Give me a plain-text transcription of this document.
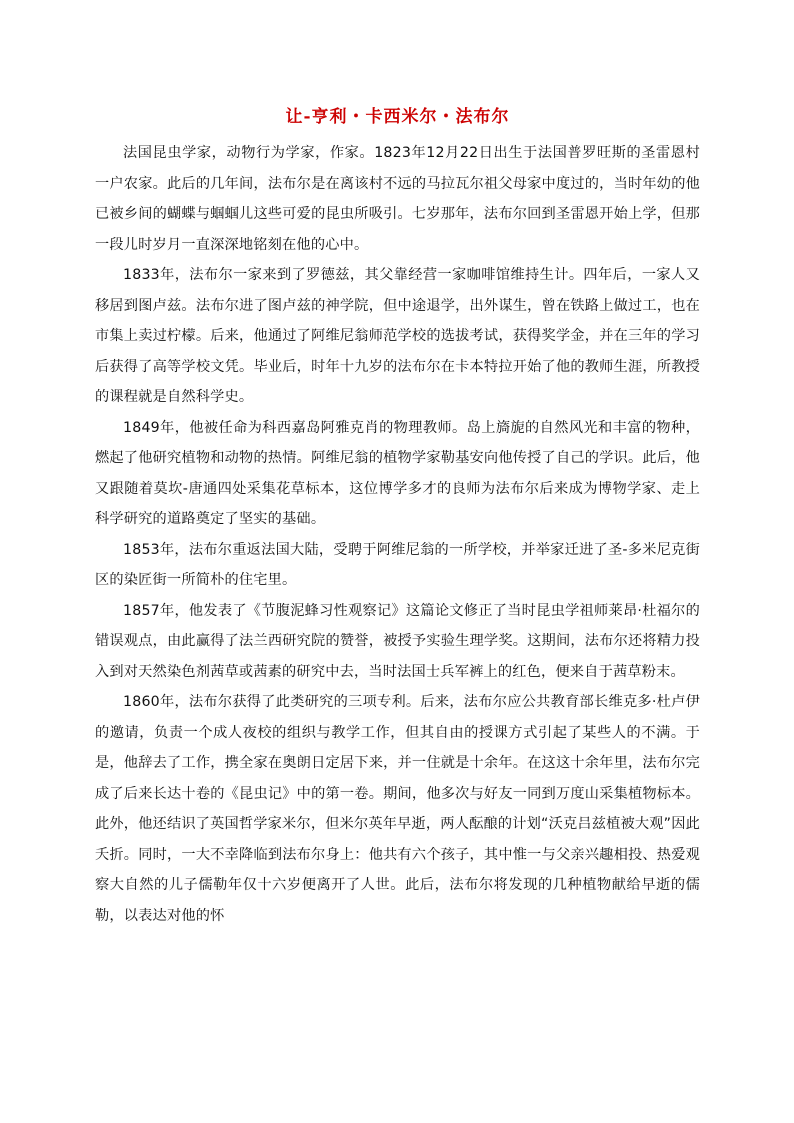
让-亨利・卡西米尔・法布尔

法国昆虫学家，动物行为学家，作家。1823年12月22日出生于法国普罗旺斯的圣雷恩村一户农家。此后的几年间，法布尔是在离该村不远的马拉瓦尔祖父母家中度过的，当时年幼的他已被乡间的蝴蝶与蝈蝈儿这些可爱的昆虫所吸引。七岁那年，法布尔回到圣雷恩开始上学，但那一段儿时岁月一直深深地铭刻在他的心中。

1833年，法布尔一家来到了罗德兹，其父靠经营一家咖啡馆维持生计。四年后，一家人又移居到图卢兹。法布尔进了图卢兹的神学院，但中途退学，出外谋生，曾在铁路上做过工，也在市集上卖过柠檬。后来，他通过了阿维尼翁师范学校的选拔考试，获得奖学金，并在三年的学习后获得了高等学校文凭。毕业后，时年十九岁的法布尔在卡本特拉开始了他的教师生涯，所教授的课程就是自然科学史。

1849年，他被任命为科西嘉岛阿雅克肖的物理教师。岛上旖旎的自然风光和丰富的物种，燃起了他研究植物和动物的热情。阿维尼翁的植物学家勒基安向他传授了自己的学识。此后，他又跟随着莫坎-唐通四处采集花草标本，这位博学多才的良师为法布尔后来成为博物学家、走上科学研究的道路奠定了坚实的基础。

1853年，法布尔重返法国大陆，受聘于阿维尼翁的一所学校，并举家迁进了圣-多米尼克街区的染匠街一所简朴的住宅里。

1857年，他发表了《节腹泥蜂习性观察记》这篇论文修正了当时昆虫学祖师莱昂·杜福尔的错误观点，由此赢得了法兰西研究院的赞誉，被授予实验生理学奖。这期间，法布尔还将精力投入到对天然染色剂茜草或茜素的研究中去，当时法国士兵军裤上的红色，便来自于茜草粉末。

1860年，法布尔获得了此类研究的三项专利。后来，法布尔应公共教育部长维克多·杜卢伊的邀请，负责一个成人夜校的组织与教学工作，但其自由的授课方式引起了某些人的不满。于是，他辞去了工作，携全家在奥朗日定居下来，并一住就是十余年。在这这十余年里，法布尔完成了后来长达十卷的《昆虫记》中的第一卷。期间，他多次与好友一同到万度山采集植物标本。此外，他还结识了英国哲学家米尔，但米尔英年早逝，两人酝酿的计划“沃克吕兹植被大观”因此夭折。同时，一大不幸降临到法布尔身上：他共有六个孩子，其中惟一与父亲兴趣相投、热爱观察大自然的儿子儒勒年仅十六岁便离开了人世。此后，法布尔将发现的几种植物献给早逝的儒勒，以表达对他的怀
